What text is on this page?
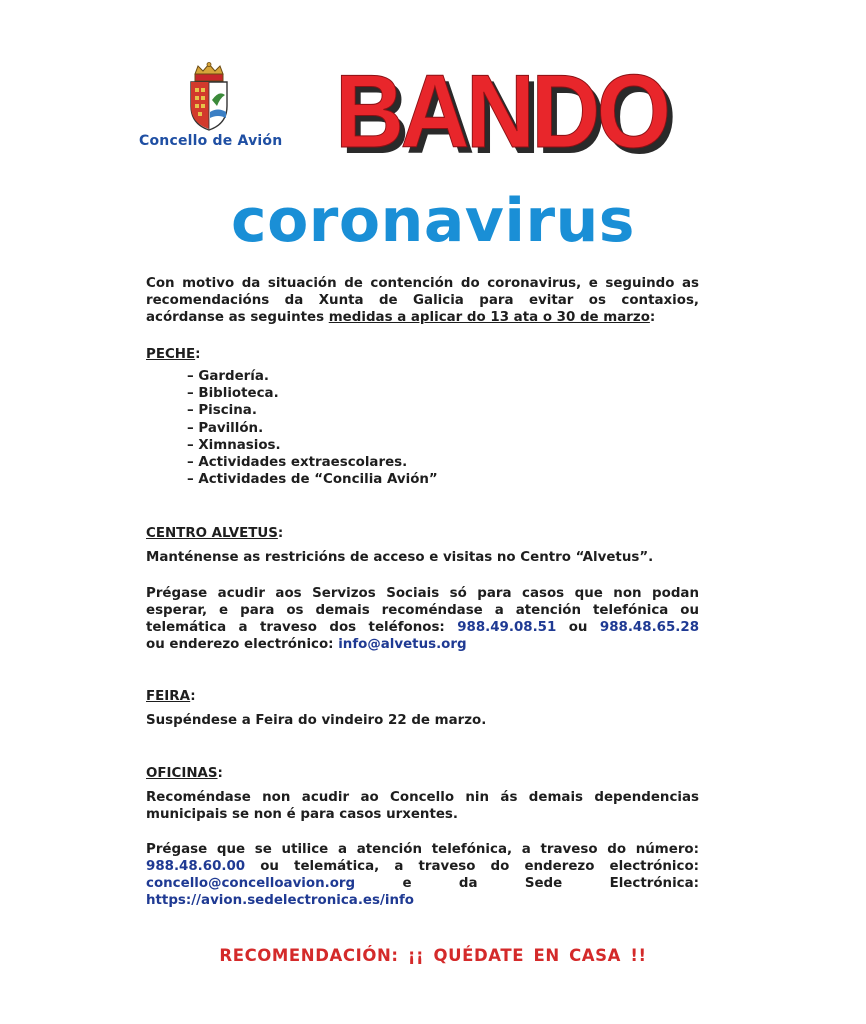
Concello de Avión BANDO
coronavirus
Con motivo da situación de contención do coronavirus, e seguindo as
recomendacións da Xunta de Galicia para evitar os contaxios,
acórdanse as seguintes medidas a aplicar do 13 ata o 30 de marzo:
PECHE:
– Gardería.
– Biblioteca.
– Piscina.
– Pavillón.
– Ximnasios.
– Actividades extraescolares.
– Actividades de “Concilia Avión”
CENTRO ALVETUS:
Manténense as restricións de acceso e visitas no Centro “Alvetus”.
Prégase acudir aos Servizos Sociais só para casos que non podan
esperar, e para os demais recoméndase a atención telefónica ou
telemática a traveso dos teléfonos: 988.49.08.51 ou 988.48.65.28
ou enderezo electrónico: info@alvetus.org
FEIRA:
Suspéndese a Feira do vindeiro 22 de marzo.
OFICINAS:
Recoméndase non acudir ao Concello nin ás demais dependencias
municipais se non é para casos urxentes.
Prégase que se utilice a atención telefónica, a traveso do número:
988.48.60.00 ou telemática, a traveso do enderezo electrónico:
concello@concelloavion.org e da Sede Electrónica:
https://avion.sedelectronica.es/info
RECOMENDACIÓN: ¡¡ QUÉDATE EN CASA !!
